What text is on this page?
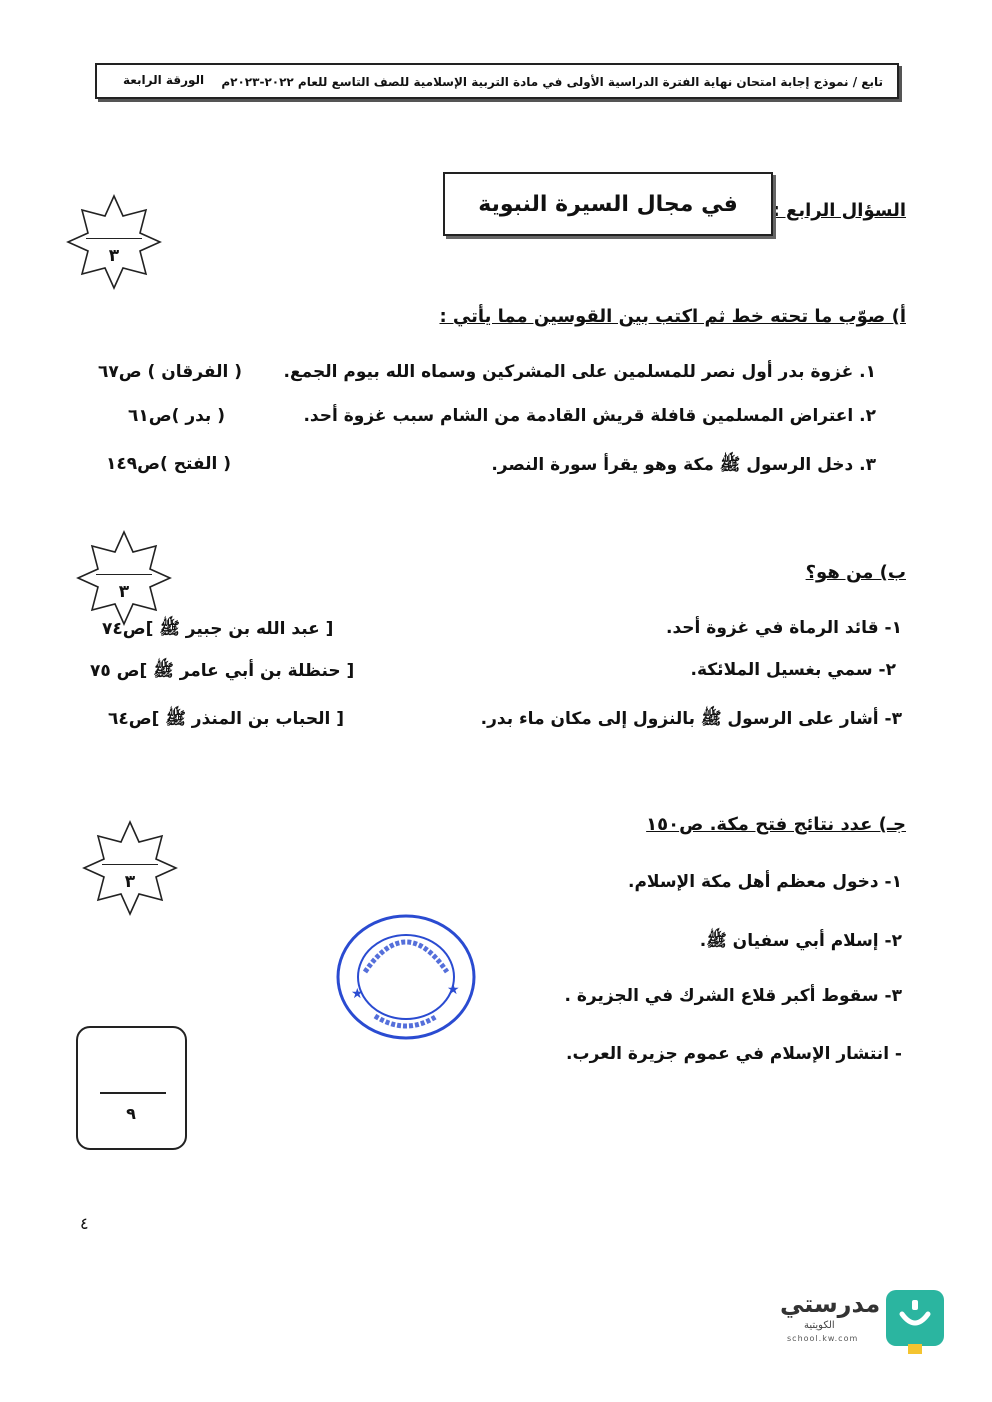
تابع / نموذج إجابة امتحان نهاية الفترة الدراسية الأولى في مادة التربية الإسلامية للصف التاسع للعام ٢٠٢٢-٢٠٢٣م
الورقة الرابعة
السؤال الرابع :
في مجال السيرة النبوية
٣
أ) صوّب ما تحته خط ثم اكتب بين القوسين مما يأتي :
١. غزوة بدر أول نصر للمسلمين على المشركين وسماه الله بيوم الجمع.
( الفرقان ) ص٦٧
٢. اعتراض المسلمين قافلة قريش القادمة من الشام سبب غزوة أحد.
( بدر )ص٦١
٣. دخل الرسول ﷺ مكة وهو يقرأ سورة النصر.
( الفتح )ص١٤٩
٣
ب) من هو؟
١- قائد الرماة في غزوة أحد.
[ عبد الله بن جبير ﷺ ]ص٧٤
٢- سمي بغسيل الملائكة.
[ حنظلة بن أبي عامر ﷺ ]ص ٧٥
٣- أشار على الرسول ﷺ بالنزول إلى مكان ماء بدر.
[ الحباب بن المنذر ﷺ ]ص٦٤
٣
جـ) عدد نتائج فتح مكة. ص١٥٠
١- دخول معظم أهل مكة الإسلام.
٢- إسلام أبي سفيان ﷺ.
٣- سقوط أكبر قلاع الشرك في الجزيرة .
- انتشار الإسلام في عموم جزيرة العرب.
★	★
٩
٤
مدرستي
الكويتية
school.kw.com
